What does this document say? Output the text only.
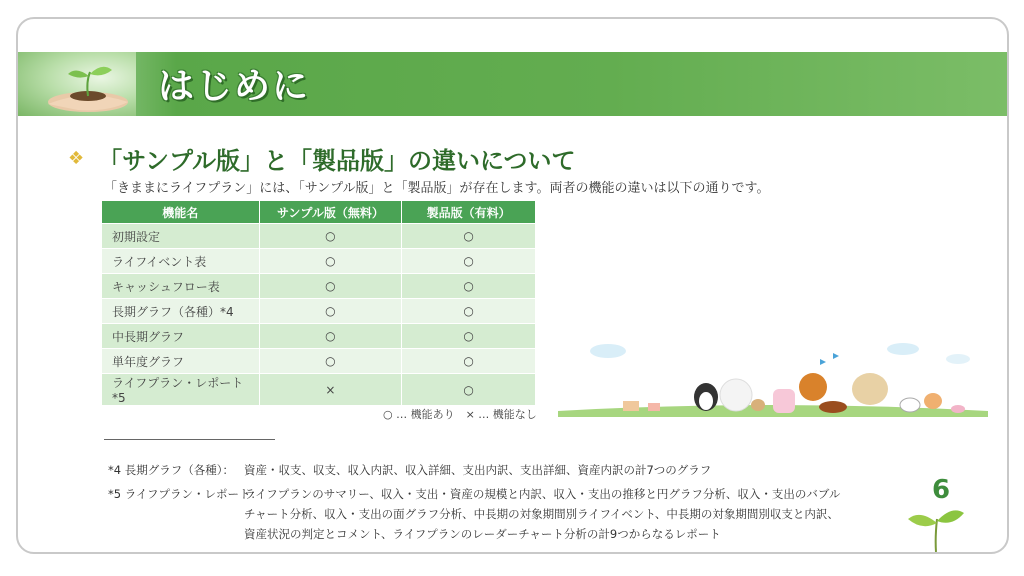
はじめに
❖ 「サンプル版」と「製品版」の違いについて
「きままにライフプラン」には、「サンプル版」と「製品版」が存在します。両者の機能の違いは以下の通りです。
機能名	サンプル版（無料）	製品版（有料）
初期設定	○	○
ライフイベント表	○	○
キャッシュフロー表	○	○
長期グラフ（各種）*4	○	○
中長期グラフ	○	○
単年度グラフ	○	○
ライフプラン・レポート *5	×	○
○ … 機能あり　× … 機能なし
*4 長期グラフ（各種）： 資産・収支、収支、収入内訳、収入詳細、支出内訳、支出詳細、資産内訳の計7つのグラフ
*5 ライフプラン・レポート：
ライフプランのサマリー、収入・支出・資産の規模と内訳、収入・支出の推移と円グラフ分析、収入・支出のバブル
チャート分析、収入・支出の面グラフ分析、中長期の対象期間別ライフイベント、中長期の対象期間別収支と内訳、
資産状況の判定とコメント、ライフプランのレーダーチャート分析の計9つからなるレポート
6
